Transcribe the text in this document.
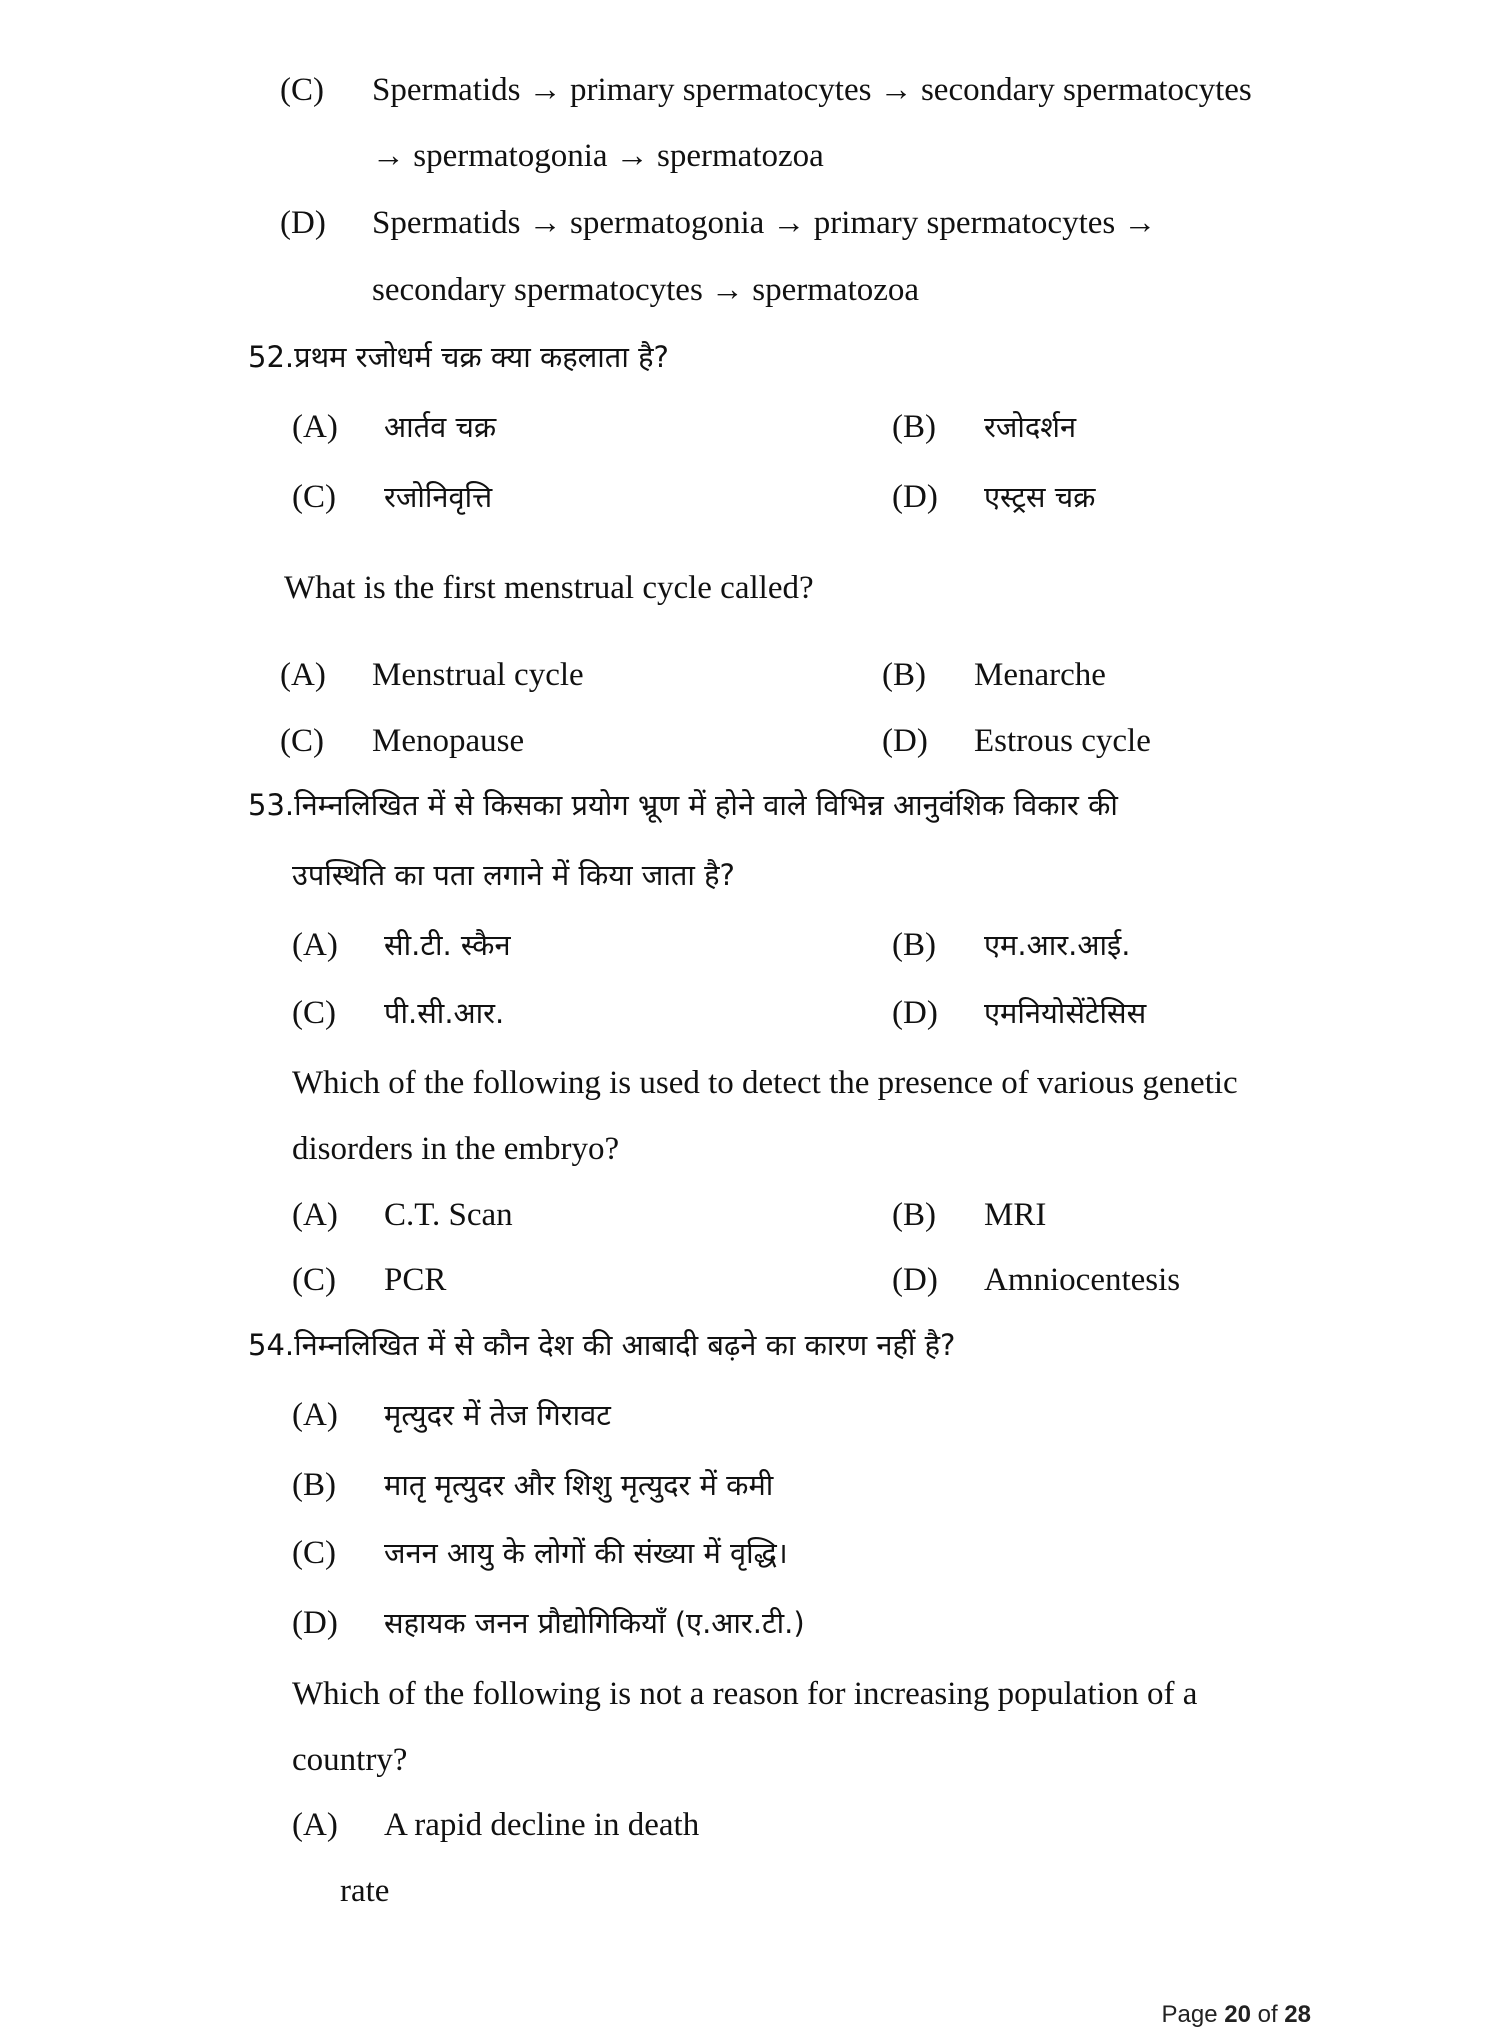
(C) Spermatids → primary spermatocytes → secondary spermatocytes
→ spermatogonia → spermatozoa
(D) Spermatids → spermatogonia → primary spermatocytes →
secondary spermatocytes → spermatozoa
52.प्रथम रजोधर्म चक्र क्या कहलाता है?
(A) आर्तव चक्र	(B) रजोदर्शन
(C) रजोनिवृत्ति	(D) एस्ट्रस चक्र
What is the first menstrual cycle called?
(A) Menstrual cycle	(B) Menarche
(C) Menopause	(D) Estrous cycle
53.निम्नलिखित में से किसका प्रयोग भ्रूण में होने वाले विभिन्न आनुवंशिक विकार की
उपस्थिति का पता लगाने में किया जाता है?
(A) सी.टी. स्कैन	(B) एम.आर.आई.
(C) पी.सी.आर.	(D) एमनियोसेंटेसिस
Which of the following is used to detect the presence of various genetic
disorders in the embryo?
(A) C.T. Scan	(B) MRI
(C) PCR	(D) Amniocentesis
54.निम्नलिखित में से कौन देश की आबादी बढ़ने का कारण नहीं है?
(A) मृत्युदर में तेज गिरावट
(B) मातृ मृत्युदर और शिशु मृत्युदर में कमी
(C) जनन आयु के लोगों की संख्या में वृद्धि।
(D) सहायक जनन प्रौद्योगिकियाँ (ए.आर.टी.)
Which of the following is not a reason for increasing population of a
country?
(A) A rapid decline in death
rate
Page 20 of 28
